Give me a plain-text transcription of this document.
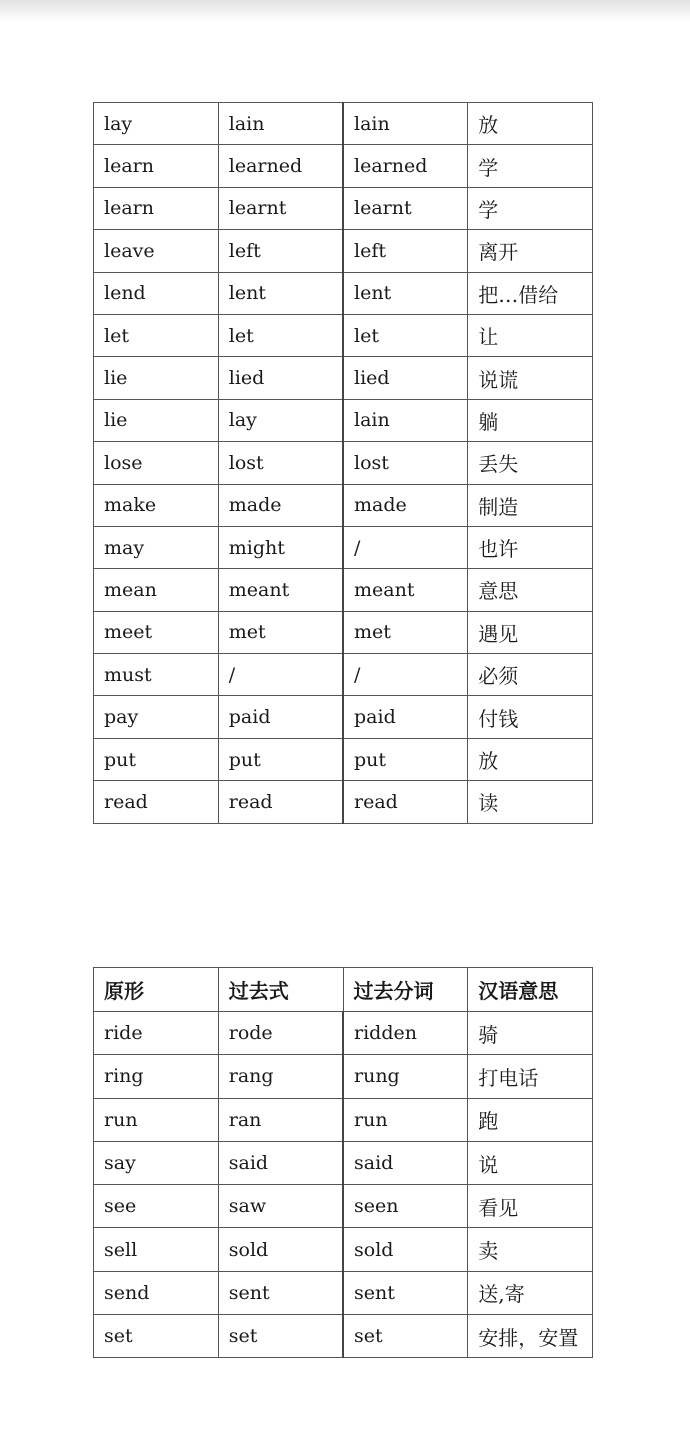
lay	lain	lain	放
learn	learned	learned	学
learn	learnt	learnt	学
leave	left	left	离开
lend	lent	lent	把…借给
let	let	let	让
lie	lied	lied	说谎
lie	lay	lain	躺
lose	lost	lost	丢失
make	made	made	制造
may	might	/	也许
mean	meant	meant	意思
meet	met	met	遇见
must	/	/	必须
pay	paid	paid	付钱
put	put	put	放
read	read	read	读
原形	过去式	过去分词	汉语意思
ride	rode	ridden	骑
ring	rang	rung	打电话
run	ran	run	跑
say	said	said	说
see	saw	seen	看见
sell	sold	sold	卖
send	sent	sent	送,寄
set	set	set	安排，安置
